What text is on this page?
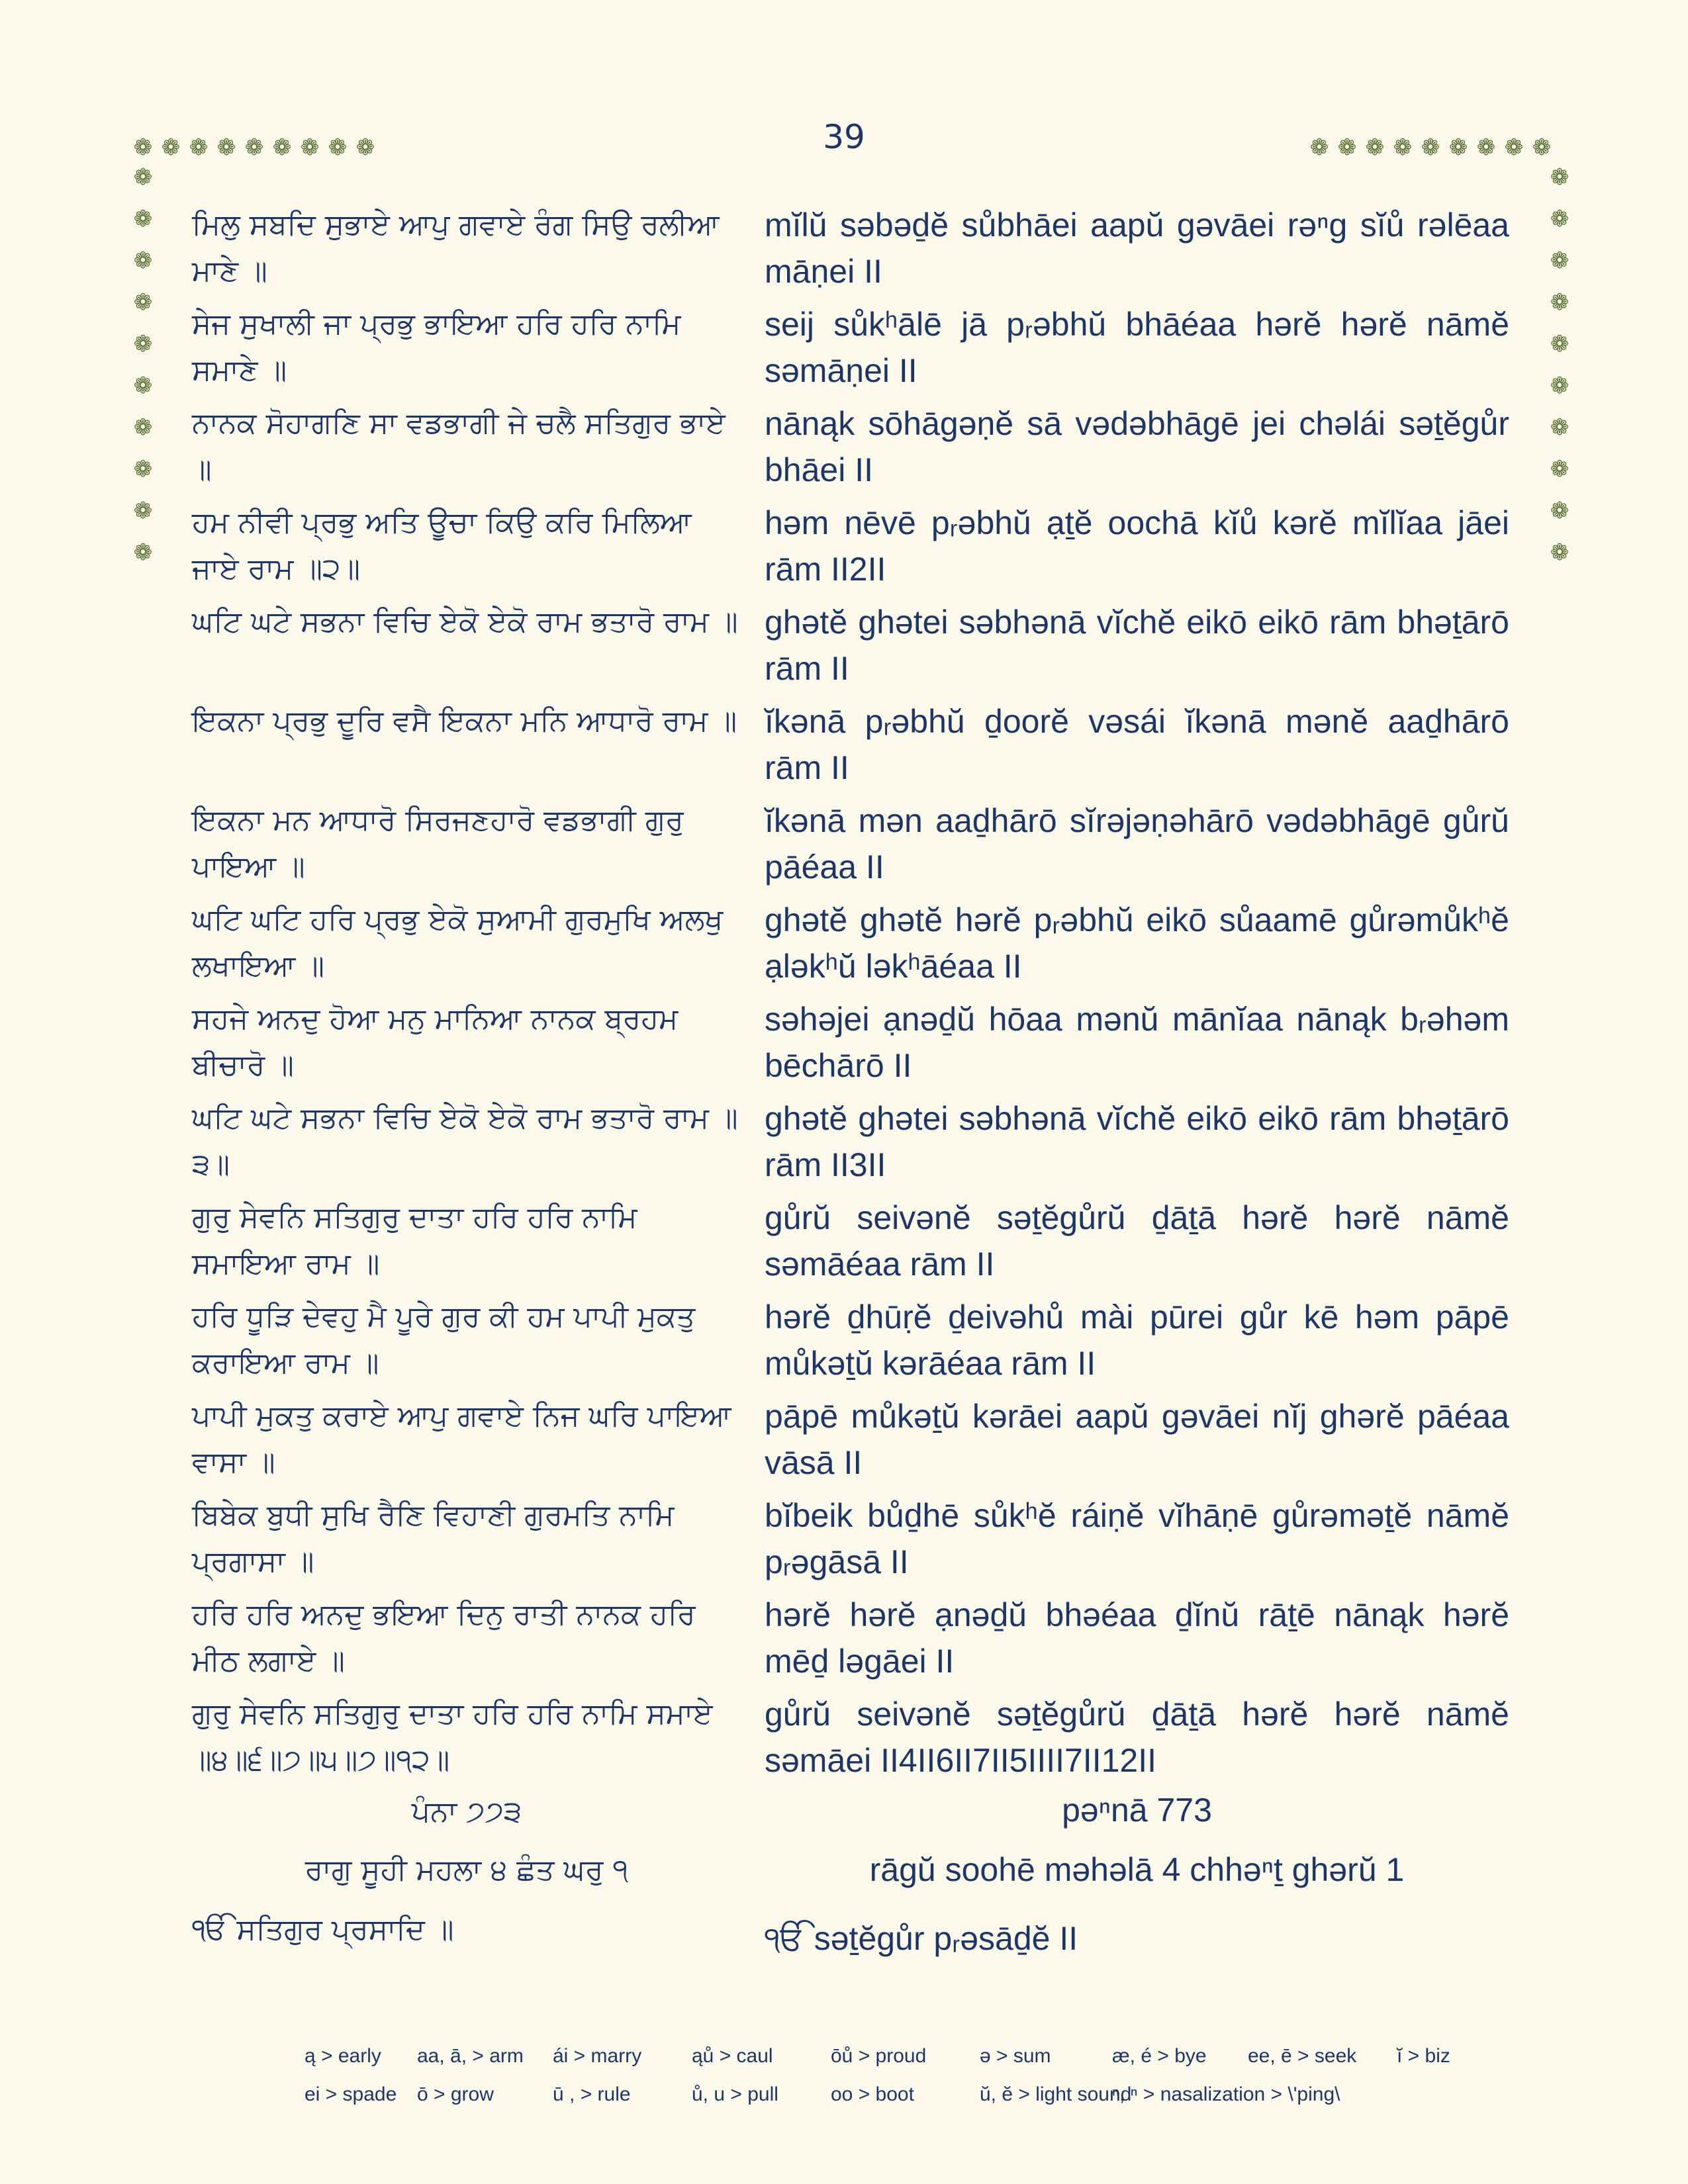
39
❁ ❁ ❁ ❁ ❁ ❁ ❁ ❁ ❁	❁ ❁ ❁ ❁ ❁ ❁ ❁ ❁ ❁
❁
❁
❁
❁
❁
❁
❁
❁
❁
❁
❁
❁
❁
❁
❁
❁
❁
❁
❁
❁
ਮਿਲੁ ਸਬਦਿ ਸੁਭਾਏ ਆਪੁ ਗਵਾਏ ਰੰਗ ਸਿਉ ਰਲੀਆ ਮਾਣੇ ॥
mĭlŭ səbəḏĕ sůbhāei aapŭ gəvāei rəⁿg sĭů rəlēaa māṇei II
ਸੇਜ ਸੁਖਾਲੀ ਜਾ ਪ੍ਰਭੁ ਭਾਇਆ ਹਰਿ ਹਰਿ ਨਾਮਿ ਸਮਾਣੇ ॥
seij sůkʰālē jā pᵣəbhŭ bhāéaa hərĕ hərĕ nāmĕ səmāṇei II
ਨਾਨਕ ਸੋਹਾਗਣਿ ਸਾ ਵਡਭਾਗੀ ਜੇ ਚਲੈ ਸਤਿਗੁਰ ਭਾਏ ॥
nānąk sōhāgəṇĕ sā vədəbhāgē jei chəlái səṯĕgůr bhāei II
ਹਮ ਨੀਵੀ ਪ੍ਰਭੁ ਅਤਿ ਊਚਾ ਕਿਉ ਕਰਿ ਮਿਲਿਆ ਜਾਏ ਰਾਮ ॥੨॥
həm nēvē pᵣəbhŭ ạṯĕ oochā kĭů kərĕ mĭlĭaa jāei rām II2II
ਘਟਿ ਘਟੇ ਸਭਨਾ ਵਿਚਿ ਏਕੋ ਏਕੋ ਰਾਮ ਭਤਾਰੋ ਰਾਮ ॥ ghətĕ ghətei səbhənā vĭchĕ eikō eikō rām bhəṯārō rām II
ਇਕਨਾ ਪ੍ਰਭੁ ਦੂਰਿ ਵਸੈ ਇਕਨਾ ਮਨਿ ਆਧਾਰੋ ਰਾਮ ॥ ĭkənā pᵣəbhŭ ḏoorĕ vəsái ĭkənā mənĕ aaḏhārō rām II
ਇਕਨਾ ਮਨ ਆਧਾਰੋ ਸਿਰਜਣਹਾਰੋ ਵਡਭਾਗੀ ਗੁਰੁ ਪਾਇਆ ॥
ĭkənā mən aaḏhārō sĭrəjəṇəhārō vədəbhāgē gůrŭ pāéaa II
ਘਟਿ ਘਟਿ ਹਰਿ ਪ੍ਰਭੁ ਏਕੋ ਸੁਆਮੀ ਗੁਰਮੁਖਿ ਅਲਖੁ ਲਖਾਇਆ ॥
ghətĕ ghətĕ hərĕ pᵣəbhŭ eikō sůaamē gůrəmůkʰĕ ạləkʰŭ ləkʰāéaa II
ਸਹਜੇ ਅਨਦੁ ਹੋਆ ਮਨੁ ਮਾਨਿਆ ਨਾਨਕ ਬ੍ਰਹਮ ਬੀਚਾਰੋ ॥
səhəjei ạnəḏŭ hōaa mənŭ mānĭaa nānąk bᵣəhəm bēchārō II
ਘਟਿ ਘਟੇ ਸਭਨਾ ਵਿਚਿ ਏਕੋ ਏਕੋ ਰਾਮ ਭਤਾਰੋ ਰਾਮ ॥੩॥
ghətĕ ghətei səbhənā vĭchĕ eikō eikō rām bhəṯārō rām II3II
ਗੁਰੁ ਸੇਵਨਿ ਸਤਿਗੁਰੁ ਦਾਤਾ ਹਰਿ ਹਰਿ ਨਾਮਿ ਸਮਾਇਆ ਰਾਮ ॥
gůrŭ seivənĕ səṯĕgůrŭ ḏāṯā hərĕ hərĕ nāmĕ səmāéaa rām II
ਹਰਿ ਧੂੜਿ ਦੇਵਹੁ ਮੈ ਪੂਰੇ ਗੁਰ ਕੀ ਹਮ ਪਾਪੀ ਮੁਕਤੁ ਕਰਾਇਆ ਰਾਮ ॥
hərĕ ḏhūṛĕ ḏeivəhů mài pūrei gůr kē həm pāpē můkəṯŭ kərāéaa rām II
ਪਾਪੀ ਮੁਕਤੁ ਕਰਾਏ ਆਪੁ ਗਵਾਏ ਨਿਜ ਘਰਿ ਪਾਇਆ ਵਾਸਾ ॥
pāpē můkəṯŭ kərāei aapŭ gəvāei nĭj ghərĕ pāéaa vāsā II
ਬਿਬੇਕ ਬੁਧੀ ਸੁਖਿ ਰੈਣਿ ਵਿਹਾਣੀ ਗੁਰਮਤਿ ਨਾਮਿ ਪ੍ਰਗਾਸਾ ॥
bĭbeik bůḏhē sůkʰĕ ráiṇĕ vĭhāṇē gůrəməṯĕ nāmĕ pᵣəgāsā II
ਹਰਿ ਹਰਿ ਅਨਦੁ ਭਇਆ ਦਿਨੁ ਰਾਤੀ ਨਾਨਕ ਹਰਿ ਮੀਠ ਲਗਾਏ ॥
hərĕ hərĕ ạnəḏŭ bhəéaa ḏĭnŭ rāṯē nānąk hərĕ mēḏ ləgāei II
ਗੁਰੁ ਸੇਵਨਿ ਸਤਿਗੁਰੁ ਦਾਤਾ ਹਰਿ ਹਰਿ ਨਾਮਿ ਸਮਾਏ ॥੪॥੬॥੭॥੫॥੭॥੧੨॥
gůrŭ seivənĕ səṯĕgůrŭ ḏāṯā hərĕ hərĕ nāmĕ səmāei II4II6II7II5IIII7II12II
ਪੰਨਾ ੭੭੩	pəⁿnā 773
ਰਾਗੁ ਸੂਹੀ ਮਹਲਾ ੪ ਛੰਤ ਘਰੁ ੧	rāgŭ soohē məhəlā 4 chhəⁿṯ ghərŭ 1
ੴ ਸਤਿਗੁਰ ਪ੍ਰਸਾਦਿ ॥	ੴ səṯĕgůr pᵣəsāḏĕ II
ą > early aa, ā, > arm ái > marry	ąů > caul	ōů > proud	ə > sum	æ, é > bye ee, ē > seek ĭ > biz
ei > spade ō > grow	ū , > rule	ů, u > pull	oo > boot	ŭ, ĕ > light sound
ⁿ, ⁿ > nasalization > \'ping\
